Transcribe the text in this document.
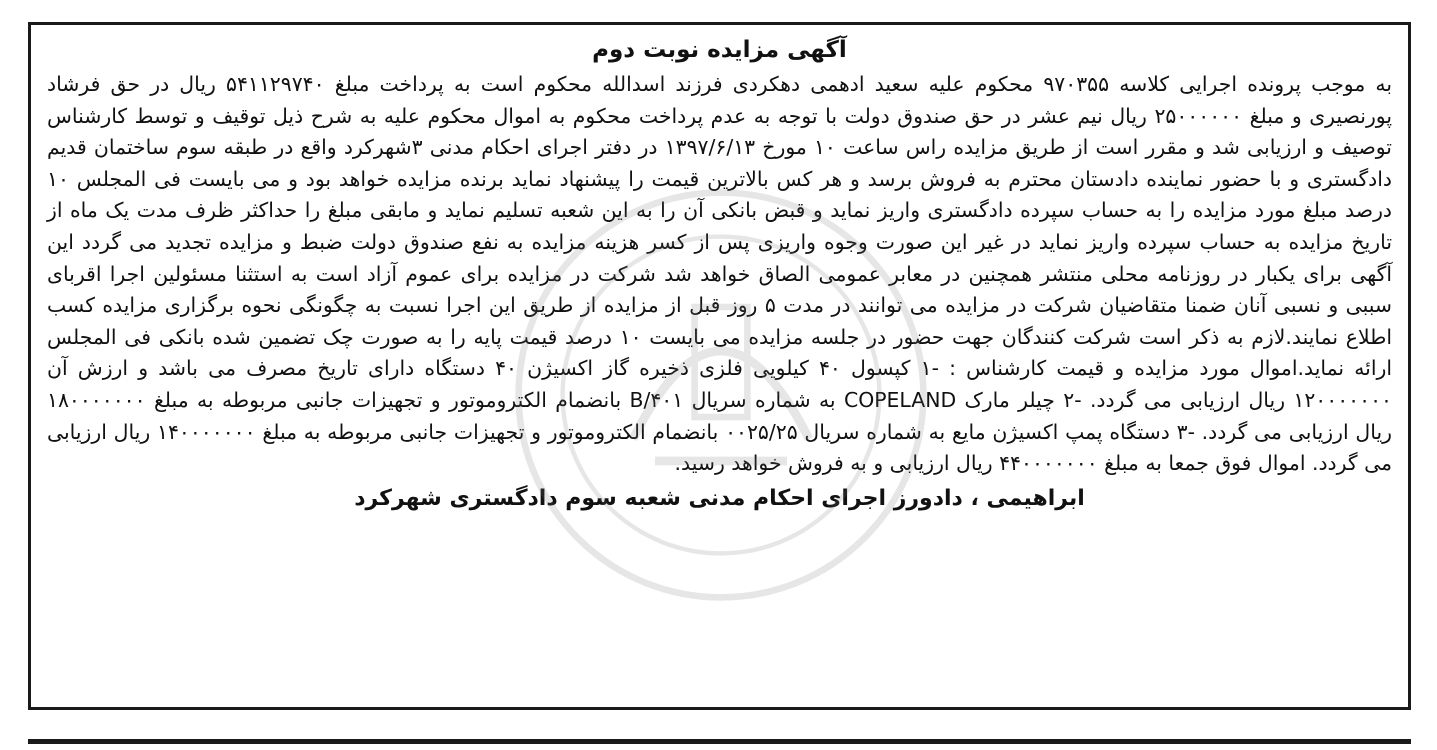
آگهی مزایده نوبت دوم

به موجب پرونده اجرایی کلاسه ۹۷۰۳۵۵ محکوم علیه سعید ادهمی دهکردی فرزند اسدالله محکوم است به پرداخت مبلغ ۵۴۱۱۲۹۷۴۰ ریال در حق فرشاد پورنصیری و مبلغ ۲۵۰۰۰۰۰۰ ریال نیم عشر در حق صندوق دولت با توجه به عدم پرداخت محکوم به اموال محکوم علیه به شرح ذیل توقیف و توسط کارشناس توصیف و ارزیابی شد و مقرر است از طریق مزایده راس ساعت ۱۰ مورخ ۱۳۹۷/۶/۱۳ در دفتر اجرای احکام مدنی ۳شهرکرد واقع در طبقه سوم ساختمان قدیم دادگستری و با حضور نماینده دادستان محترم به فروش برسد و هر کس بالاترین قیمت را پیشنهاد نماید برنده مزایده خواهد بود و می بایست فی المجلس ۱۰ درصد مبلغ مورد مزایده را به حساب سپرده دادگستری واریز نماید و قبض بانکی آن را به این شعبه تسلیم نماید و مابقی مبلغ را حداکثر ظرف مدت یک ماه از تاریخ مزایده به حساب سپرده واریز نماید در غیر این صورت وجوه واریزی پس از کسر هزینه مزایده به نفع صندوق دولت ضبط و مزایده تجدید می گردد این آگهی برای یکبار در روزنامه محلی منتشر همچنین در معابر عمومی الصاق خواهد شد شرکت در مزایده برای عموم آزاد است به استثنا مسئولین اجرا اقربای سببی و نسبی آنان ضمنا متقاضیان شرکت در مزایده می توانند در مدت ۵ روز قبل از مزایده از طریق این اجرا نسبت به چگونگی نحوه برگزاری مزایده کسب اطلاع نمایند.لازم به ذکر است شرکت کنندگان جهت حضور در جلسه مزایده می بایست ۱۰ درصد قیمت پایه را به صورت چک تضمین شده بانکی فی المجلس ارائه نماید.اموال مورد مزایده و قیمت کارشناس : -۱ کپسول ۴۰ کیلویی فلزی ذخیره گاز اکسیژن ۴۰ دستگاه دارای تاریخ مصرف می باشد و ارزش آن ۱۲۰۰۰۰۰۰۰ ریال ارزیابی می گردد. -۲ چیلر مارک COPELAND به شماره سریال B/۴۰۱ بانضمام الکتروموتور و تجهیزات جانبی مربوطه به مبلغ ۱۸۰۰۰۰۰۰۰ ریال ارزیابی می گردد. -۳ دستگاه پمپ اکسیژن مایع به شماره سریال ۰۰۲۵/۲۵ بانضمام الکتروموتور و تجهیزات جانبی مربوطه به مبلغ ۱۴۰۰۰۰۰۰۰ ریال ارزیابی می گردد. اموال فوق جمعا به مبلغ ۴۴۰۰۰۰۰۰۰ ریال ارزیابی و به فروش خواهد رسید.

ابراهیمی ، دادورز اجرای احکام مدنی شعبه سوم دادگستری شهرکرد
